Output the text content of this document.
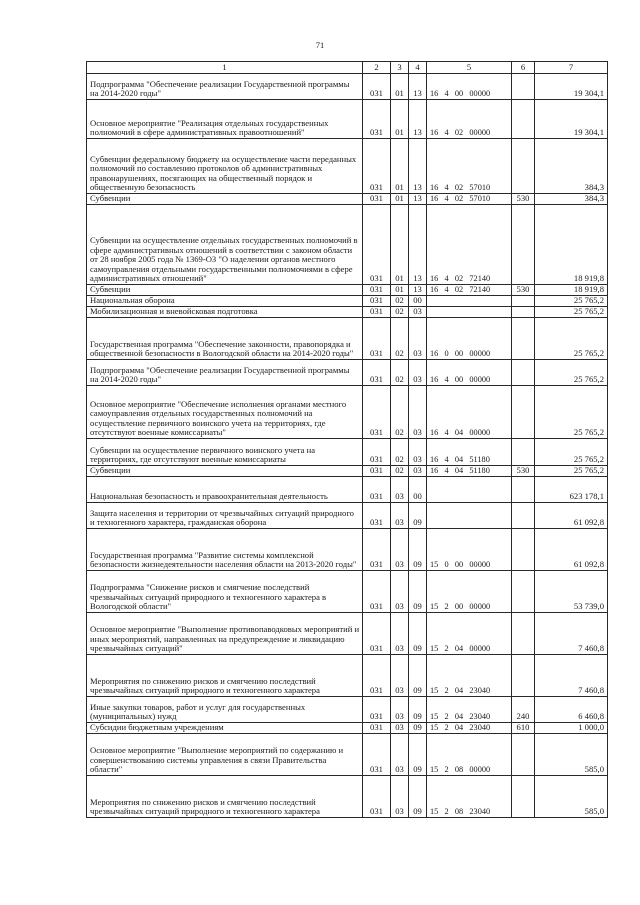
71
1	2	3	4	5	6	7
Подпрограмма "Обеспечение реализации Государственной программы на 2014-2020 годы"	031	01	13	16   4   00   00000		19 304,1
Основное мероприятие "Реализация отдельных государственных полномочий в сфере административных правоотношений"	031	01	13	16   4   02   00000		19 304,1
Субвенции федеральному бюджету на осуществление части переданных полномочий по составлению протоколов об административных правонарушениях, посягающих на общественный порядок и общественную безопасность	031	01	13	16   4   02   57010		384,3
Субвенции	031	01	13	16   4   02   57010	530	384,3
Субвенции на осуществление отдельных государственных полномочий в сфере административных отношений в соответствии с законом области от 28 ноября 2005 года № 1369-ОЗ "О наделении органов местного самоуправления отдельными государственными полномочиями в сфере административных отношений"	031	01	13	16   4   02   72140		18 919,8
Субвенции	031	01	13	16   4   02   72140	530	18 919,8
Национальная оборона	031	02	00			25 765,2
Мобилизационная и вневойсковая подготовка	031	02	03			25 765,2
Государственная программа "Обеспечение законности, правопорядка и общественной безопасности в Вологодской области на 2014-2020 годы"	031	02	03	16   0   00   00000		25 765,2
Подпрограмма "Обеспечение реализации Государственной программы на 2014-2020 годы"	031	02	03	16   4   00   00000		25 765,2
Основное мероприятие "Обеспечение исполнения органами местного самоуправления отдельных государственных полномочий на осуществление первичного воинского учета на территориях, где отсутствуют военные комиссариаты"	031	02	03	16   4   04   00000		25 765,2
Субвенции на осуществление первичного воинского учета на территориях, где отсутствуют военные комиссариаты	031	02	03	16   4   04   51180		25 765,2
Субвенции	031	02	03	16   4   04   51180	530	25 765,2
Национальная безопасность и правоохранительная деятельность	031	03	00			623 178,1
Защита населения и территории от чрезвычайных ситуаций природного и техногенного характера, гражданская оборона	031	03	09			61 092,8
Государственная программа "Развитие системы комплексной безопасности жизнедеятельности населения области на 2013-2020 годы"	031	03	09	15   0   00   00000		61 092,8
Подпрограмма "Снижение рисков и смягчение последствий чрезвычайных ситуаций природного и техногенного характера в Вологодской области"	031	03	09	15   2   00   00000		53 739,0
Основное мероприятие "Выполнение противопаводковых мероприятий и иных мероприятий, направленных на предупреждение и ликвидацию чрезвычайных ситуаций"	031	03	09	15   2   04   00000		7 460,8
Мероприятия по снижению рисков и смягчению последствий чрезвычайных ситуаций природного и техногенного характера	031	03	09	15   2   04   23040		7 460,8
Иные закупки товаров, работ и услуг для государственных (муниципальных) нужд	031	03	09	15   2   04   23040	240	6 460,8
Субсидии бюджетным учреждениям	031	03	09	15   2   04   23040	610	1 000,0
Основное мероприятие "Выполнение мероприятий по содержанию и совершенствованию системы управления в связи Правительства области"	031	03	09	15   2   08   00000		585,0
Мероприятия по снижению рисков и смягчению последствий чрезвычайных ситуаций природного и техногенного характера	031	03	09	15   2   08   23040		585,0
